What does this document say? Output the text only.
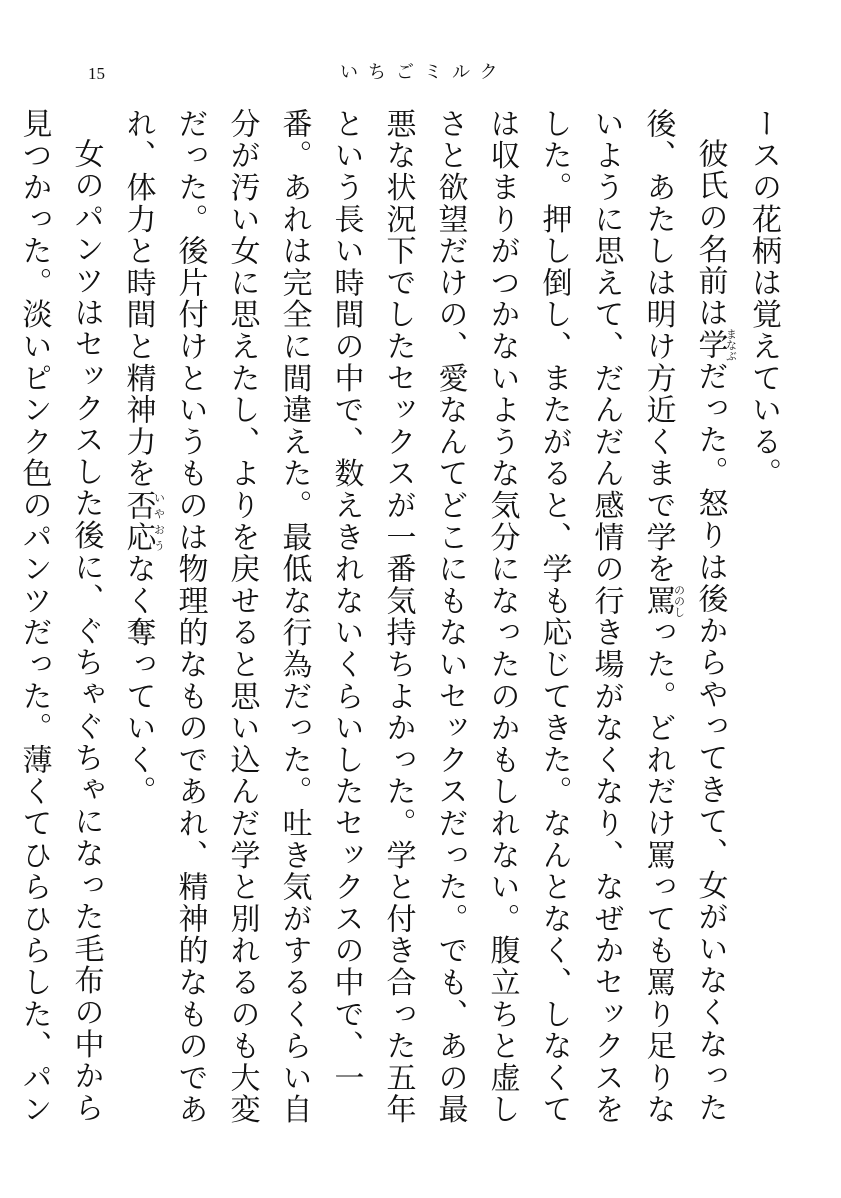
15	いちごミルク

ースの花柄は覚えている。

彼氏の名前は学まなぶだった。怒りは後からやってきて、女がいなくなった後、あたしは明け方近くまで学を罵ののしった。どれだけ罵っても罵り足りないように思えて、だんだん感情の行き場がなくなり、なぜかセックスをした。押し倒し、またがると、学も応じてきた。なんとなく、しなくては収まりがつかないような気分になったのかもしれない。腹立ちと虚しさと欲望だけの、愛なんてどこにもないセックスだった。でも、あの最悪な状況下でしたセックスが一番気持ちよかった。学と付き合った五年という長い時間の中で、数えきれないくらいしたセックスの中で、一番。あれは完全に間違えた。最低な行為だった。吐き気がするくらい自分が汚い女に思えたし、よりを戻せると思い込んだ学と別れるのも大変だった。後片付けというものは物理的なものであれ、精神的なものであれ、体力と時間と精神力を否応いやおうなく奪っていく。

女のパンツはセックスした後に、ぐちゃぐちゃになった毛布の中から見つかった。淡いピンク色のパンツだった。薄くてひらひらした、パン
